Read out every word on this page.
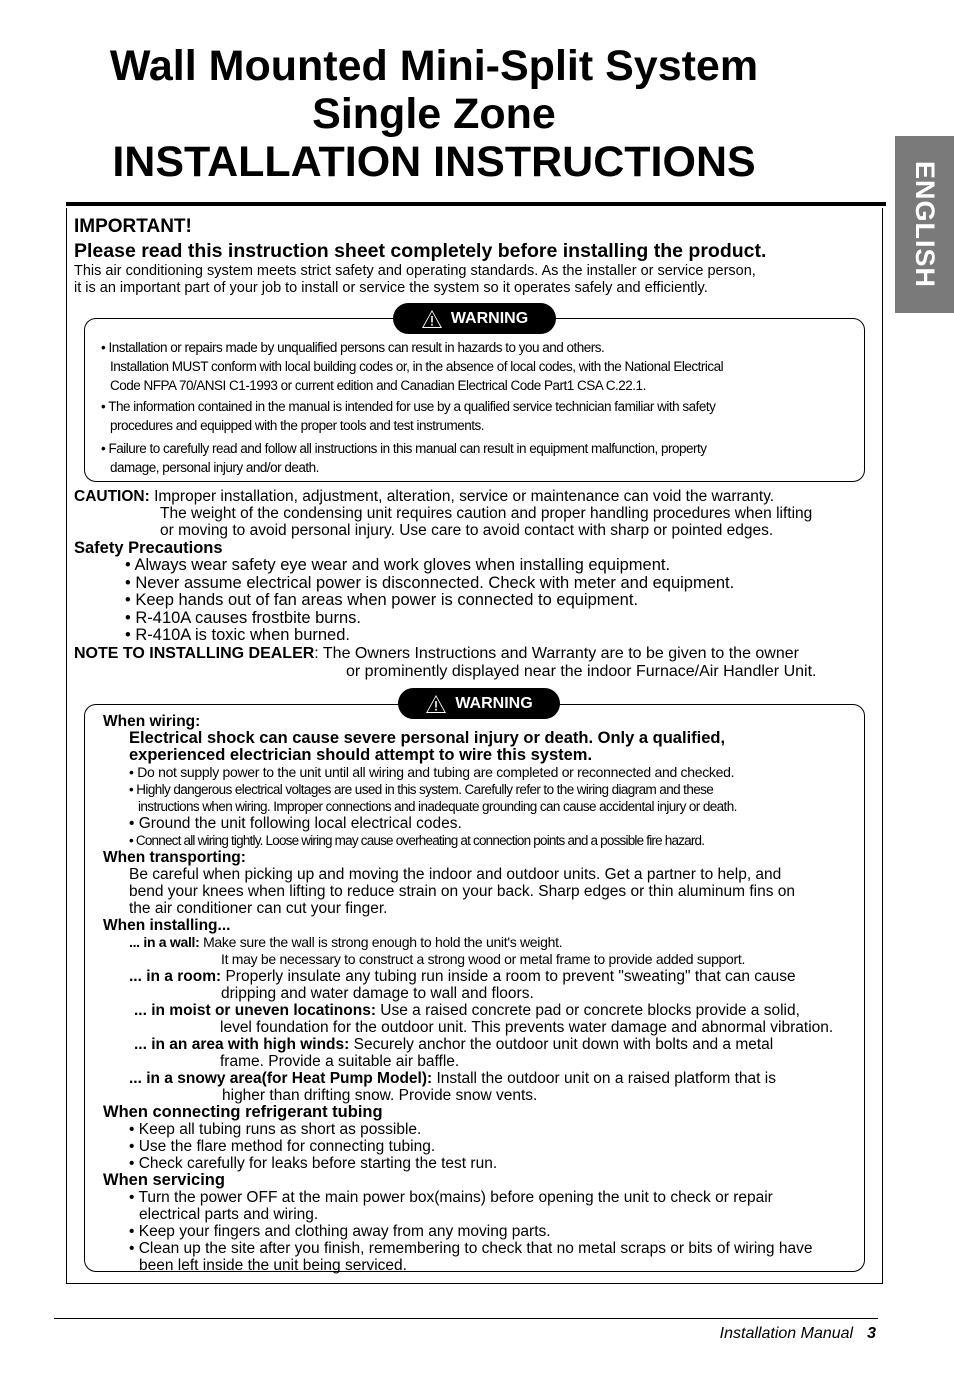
Wall Mounted Mini-Split System
Single Zone
INSTALLATION INSTRUCTIONS	ENGLISH
IMPORTANT!
Please read this instruction sheet completely before installing the product.
This air conditioning system meets strict safety and operating standards. As the installer or service person,
it is an important part of your job to install or service the system so it operates safely and efficiently.
WARNING
• Installation or repairs made by unqualified persons can result in hazards to you and others.
Installation MUST conform with local building codes or, in the absence of local codes, with the National Electrical
Code NFPA 70/ANSI C1-1993 or current edition and Canadian Electrical Code Part1 CSA C.22.1.
• The information contained in the manual is intended for use by a qualified service technician familiar with safety
procedures and equipped with the proper tools and test instruments.
• Failure to carefully read and follow all instructions in this manual can result in equipment malfunction, property
damage, personal injury and/or death.
CAUTION: Improper installation, adjustment, alteration, service or maintenance can void the warranty.
The weight of the condensing unit requires caution and proper handling procedures when lifting
or moving to avoid personal injury. Use care to avoid contact with sharp or pointed edges.
Safety Precautions
• Always wear safety eye wear and work gloves when installing equipment.
• Never assume electrical power is disconnected. Check with meter and equipment.
• Keep hands out of fan areas when power is connected to equipment.
• R-410A causes frostbite burns.
• R-410A is toxic when burned.
NOTE TO INSTALLING DEALER: The Owners Instructions and Warranty are to be given to the owner
or prominently displayed near the indoor Furnace/Air Handler Unit.
WARNING
When wiring:
Electrical shock can cause severe personal injury or death. Only a qualified,
experienced electrician should attempt to wire this system.
• Do not supply power to the unit until all wiring and tubing are completed or reconnected and checked.
• Highly dangerous electrical voltages are used in this system. Carefully refer to the wiring diagram and these
instructions when wiring. Improper connections and inadequate grounding can cause accidental injury or death.
• Ground the unit following local electrical codes.
• Connect all wiring tightly. Loose wiring may cause overheating at connection points and a possible fire hazard.
When transporting:
Be careful when picking up and moving the indoor and outdoor units. Get a partner to help, and
bend your knees when lifting to reduce strain on your back. Sharp edges or thin aluminum fins on
the air conditioner can cut your finger.
When installing...
... in a wall: Make sure the wall is strong enough to hold the unit's weight.
It may be necessary to construct a strong wood or metal frame to provide added support.
... in a room: Properly insulate any tubing run inside a room to prevent "sweating" that can cause
dripping and water damage to wall and floors.
... in moist or uneven locatinons: Use a raised concrete pad or concrete blocks provide a solid,
level foundation for the outdoor unit. This prevents water damage and abnormal vibration.
... in an area with high winds: Securely anchor the outdoor unit down with bolts and a metal
frame. Provide a suitable air baffle.
... in a snowy area(for Heat Pump Model): Install the outdoor unit on a raised platform that is
higher than drifting snow. Provide snow vents.
When connecting refrigerant tubing
• Keep all tubing runs as short as possible.
• Use the flare method for connecting tubing.
• Check carefully for leaks before starting the test run.
When servicing
• Turn the power OFF at the main power box(mains) before opening the unit to check or repair
electrical parts and wiring.
• Keep your fingers and clothing away from any moving parts.
• Clean up the site after you finish, remembering to check that no metal scraps or bits of wiring have
been left inside the unit being serviced.
Installation Manual 3
